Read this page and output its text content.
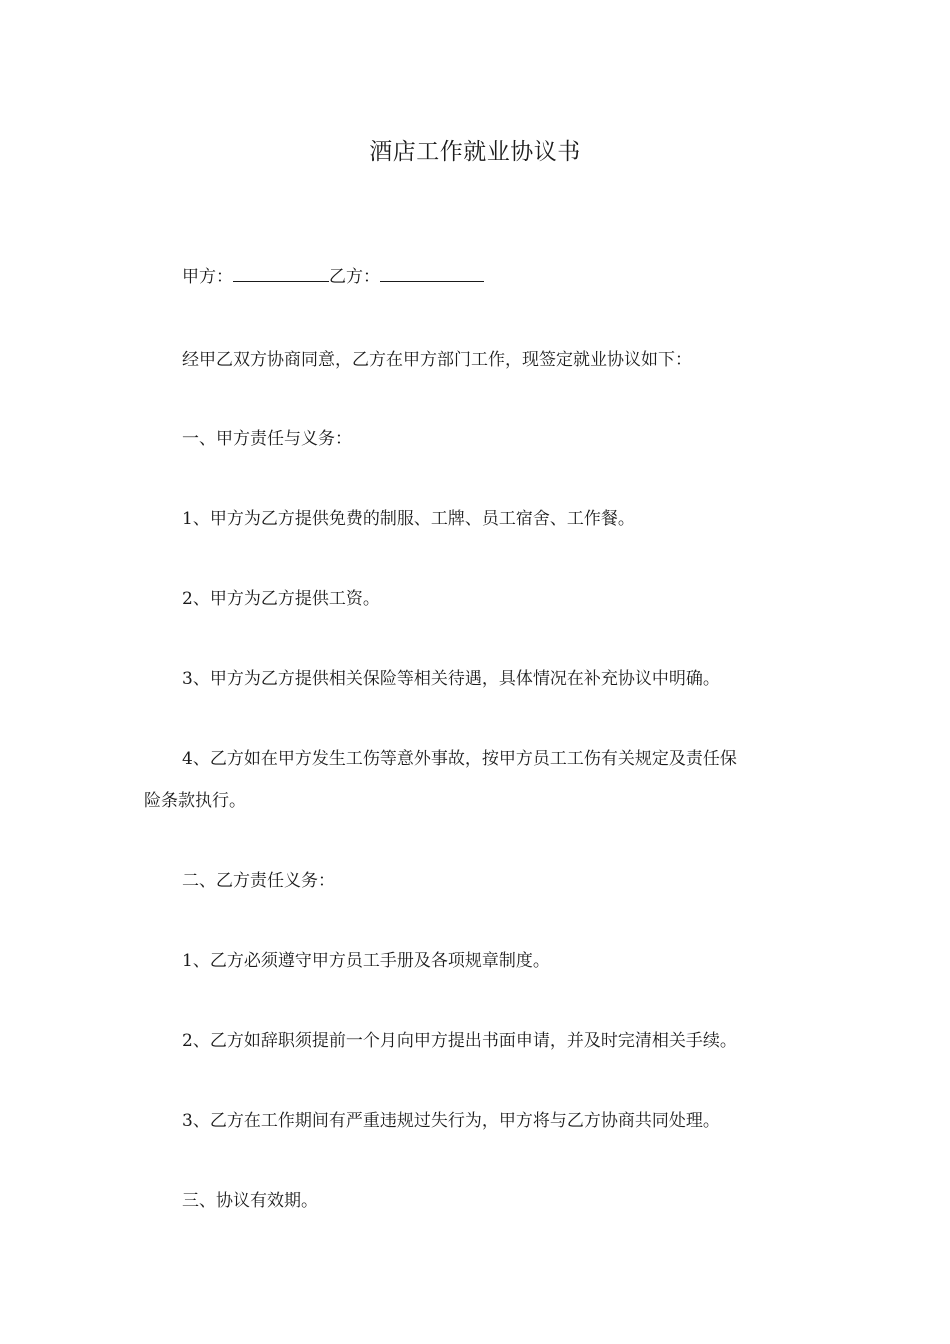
酒店工作就业协议书
甲方：	乙方：
经甲乙双方协商同意，乙方在甲方部门工作，现签定就业协议如下：
一、甲方责任与义务：
1、甲方为乙方提供免费的制服、工牌、员工宿舍、工作餐。
2、甲方为乙方提供工资。
3、甲方为乙方提供相关保险等相关待遇，具体情况在补充协议中明确。
4、乙方如在甲方发生工伤等意外事故，按甲方员工工伤有关规定及责任保
险条款执行。
二、乙方责任义务：
1、乙方必须遵守甲方员工手册及各项规章制度。
2、乙方如辞职须提前一个月向甲方提出书面申请，并及时完清相关手续。
3、乙方在工作期间有严重违规过失行为，甲方将与乙方协商共同处理。
三、协议有效期。
